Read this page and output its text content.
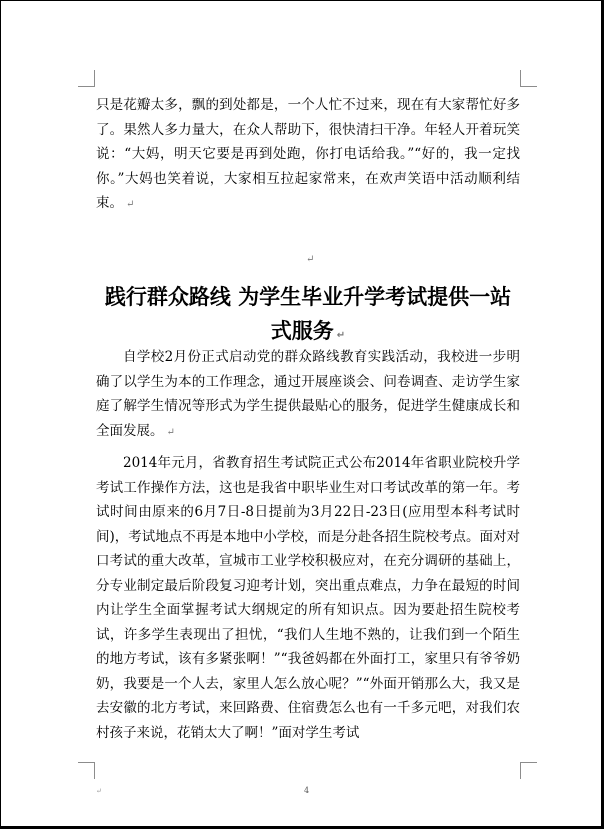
只是花瓣太多，飘的到处都是，一个人忙不过来，现在有大家帮忙好多了。果然人多力量大，在众人帮助下，很快清扫干净。年轻人开着玩笑说：“大妈，明天它要是再到处跑，你打电话给我。”“好的，我一定找你。”大妈也笑着说，大家相互拉起家常来，在欢声笑语中活动顺利结束。 ↵

↵
践行群众路线 为学生毕业升学考试提供一站式服务 ↵

自学校2月份正式启动党的群众路线教育实践活动，我校进一步明确了以学生为本的工作理念，通过开展座谈会、问卷调查、走访学生家庭了解学生情况等形式为学生提供最贴心的服务，促进学生健康成长和全面发展。 ↵

2014年元月，省教育招生考试院正式公布2014年省职业院校升学考试工作操作方法，这也是我省中职毕业生对口考试改革的第一年。考试时间由原来的6月7日-8日提前为3月22日-23日(应用型本科考试时间)，考试地点不再是本地中小学校，而是分赴各招生院校考点。面对对口考试的重大改革，宣城市工业学校积极应对，在充分调研的基础上，分专业制定最后阶段复习迎考计划，突出重点难点，力争在最短的时间内让学生全面掌握考试大纲规定的所有知识点。因为要赴招生院校考试，许多学生表现出了担忧，“我们人生地不熟的，让我们到一个陌生的地方考试，该有多紧张啊！”“我爸妈都在外面打工，家里只有爷爷奶奶，我要是一个人去，家里人怎么放心呢？”“外面开销那么大，我又是去安徽的北方考试，来回路费、住宿费怎么也有一千多元吧，对我们农村孩子来说，花销太大了啊！”面对学生考试

↵	4
